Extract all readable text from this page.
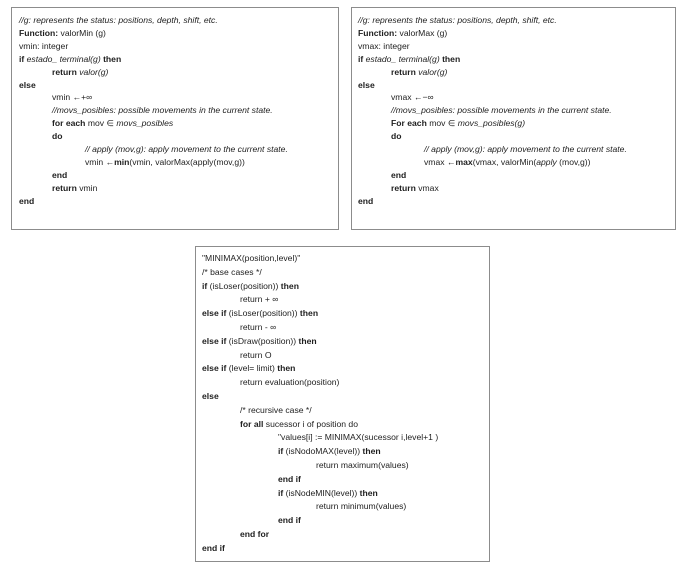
//g: represents the status: positions, depth, shift, etc.
Function: valorMin (g)
vmin: integer
if estado_ terminal(g) then
return valor(g)
else
vmin ←+∞
//movs_posibles: possible movements in the current state.
for each mov ∈ movs_posibles
do
// apply (mov,g): apply movement to the current state.
vmin ←min(vmin, valorMax(apply(mov,g))
end
return vmin
end
//g: represents the status: positions, depth, shift, etc.
Function: valorMax (g)
vmax: integer
if estado_ terminal(g) then
return valor(g)
else
vmax ←−∞
//movs_posibles: possible movements in the current state.
For each mov ∈ movs_posibles(g)
do
// apply (mov,g): apply movement to the current state.
vmax ←max(vmax, valorMin(apply (mov,g))
end
return vmax
end
"MINIMAX(position,level)"
/* base cases */
if (isLoser(position)) then
return + ∞
else if (isLoser(position)) then
return - ∞
else if (isDraw(position)) then
return O
else if (level= limit) then
return evaluation(position)
else
/* recursive case */
for all sucessor i of position do
"values[i] := MINIMAX(sucessor i,level+1 )
if (isNodoMAX(level)) then
return maximum(values)
end if
if (isNodeMIN(level)) then
return minimum(values)
end if
end for
end if
